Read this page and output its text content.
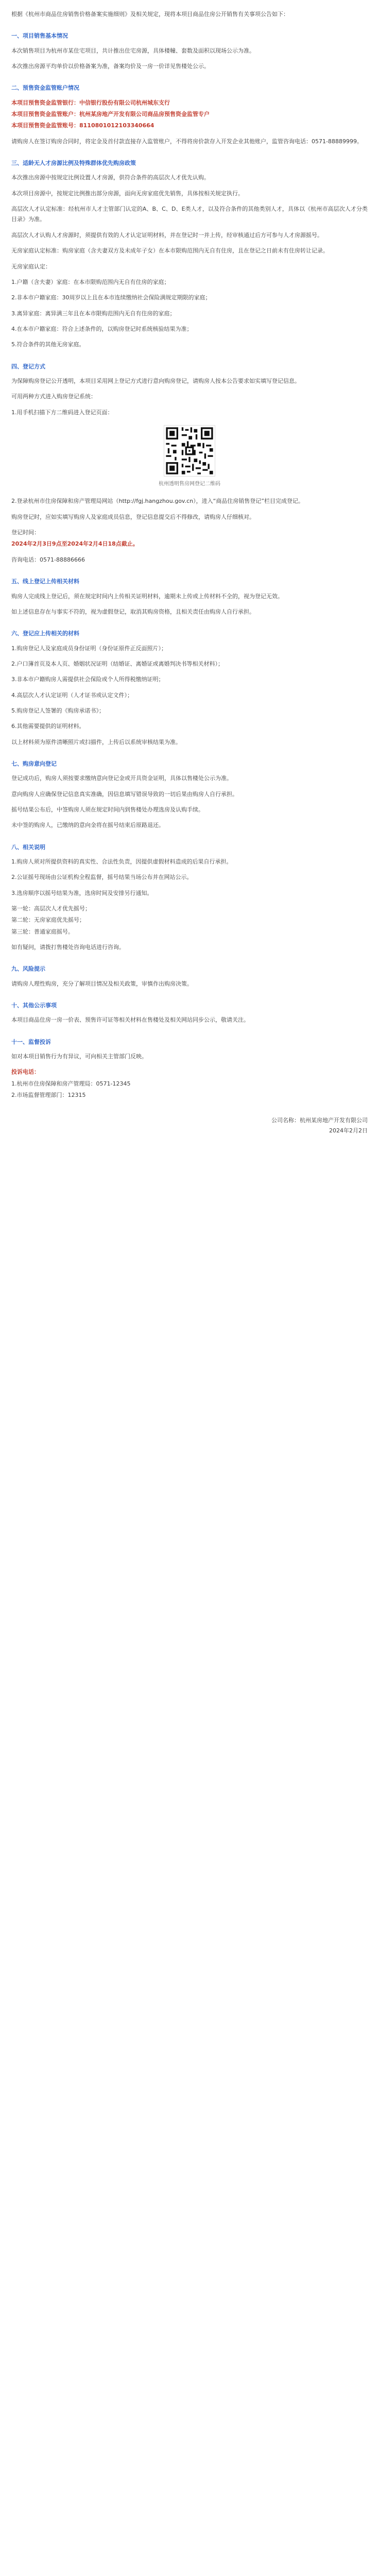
根据《杭州市商品住房销售价格备案实施细则》及相关规定，现将本项目商品住房公开销售有关事项公告如下：

一、项目销售基本情况

本次销售项目为杭州市某住宅项目，共计推出住宅房源，具体楼幢、套数及面积以现场公示为准。

本次推出房源平均单价以价格备案为准，备案均价及一房一价详见售楼处公示。

二、预售资金监管账户情况

本项目预售资金监管银行：中信银行股份有限公司杭州城东支行

本项目预售资金监管账户：杭州某房地产开发有限公司商品房预售资金监管专户

本项目预售资金监管账号：8110801012103340664

请购房人在签订购房合同时，将定金及首付款直接存入监管账户，不得将房价款存入开发企业其他账户，监管咨询电话：0571-88889999。

三、适龄无人才房源比例及特殊群体优先购房政策

本次推出房源中按规定比例设置人才房源，供符合条件的高层次人才优先认购。

本次项目房源中，按规定比例推出部分房源，面向无房家庭优先销售，具体按相关规定执行。

高层次人才认定标准：经杭州市人才主管部门认定的A、B、C、D、E类人才，以及符合条件的其他类别人才，具体以《杭州市高层次人才分类目录》为准。

高层次人才认购人才房源时，须提供有效的人才认定证明材料，并在登记时一并上传，经审核通过后方可参与人才房源摇号。

无房家庭认定标准：购房家庭（含夫妻双方及未成年子女）在本市限购范围内无自有住房，且在登记之日前未有住房转让记录。

无房家庭认定：

1.户籍（含夫妻）家庭：在本市限购范围内无自有住房的家庭；

2.非本市户籍家庭：30周岁以上且在本市连续缴纳社会保险满规定期限的家庭；

3.离异家庭：离异满三年且在本市限购范围内无自有住房的家庭；

4.在本市户籍家庭：符合上述条件的，以购房登记时系统核验结果为准；

5.符合条件的其他无房家庭。

四、登记方式

为保障购房登记公开透明，本项目采用网上登记方式进行意向购房登记，请购房人按本公告要求如实填写登记信息。

可用两种方式进入购房登记系统：

1.用手机扫描下方二维码进入登记页面：

杭州透明售房网登记二维码

2.登录杭州市住房保障和房产管理局网站（http://fgj.hangzhou.gov.cn），进入“商品住房销售登记”栏目完成登记。

购房登记时，应如实填写购房人及家庭成员信息，登记信息提交后不得修改，请购房人仔细核对。

登记时间：

2024年2月3日9点至2024年2月4日18点截止。

咨询电话：0571-88886666

五、线上登记上传相关材料

购房人完成线上登记后，须在规定时间内上传相关证明材料，逾期未上传或上传材料不全的，视为登记无效。

如上述信息存在与事实不符的，视为虚假登记，取消其购房资格，且相关责任由购房人自行承担。

六、登记应上传相关的材料

1.购房登记人及家庭成员身份证明（身份证原件正反面照片）；

2.户口簿首页及本人页、婚姻状况证明（结婚证、离婚证或离婚判决书等相关材料）；

3.非本市户籍购房人需提供社会保险或个人所得税缴纳证明；

4.高层次人才认定证明（人才证书或认定文件）；

5.购房登记人签署的《购房承诺书》；

6.其他需要提供的证明材料。

以上材料须为原件清晰照片或扫描件，上传后以系统审核结果为准。

七、购房意向登记

登记成功后，购房人须按要求缴纳意向登记金或开具资金证明，具体以售楼处公示为准。

意向购房人应确保登记信息真实准确，因信息填写错误导致的一切后果由购房人自行承担。

摇号结果公布后，中签购房人须在规定时间内到售楼处办理选房及认购手续。

未中签的购房人，已缴纳的意向金将在摇号结束后原路退还。

八、相关说明

1.购房人须对所提供资料的真实性、合法性负责，因提供虚假材料造成的后果自行承担。

2.公证摇号现场由公证机构全程监督，摇号结果当场公布并在网站公示。

3.选房顺序以摇号结果为准，选房时间及安排另行通知。

第一轮：高层次人才优先摇号；

第二轮：无房家庭优先摇号；

第三轮：普通家庭摇号。

如有疑问，请拨打售楼处咨询电话进行咨询。

九、风险提示

请购房人理性购房，充分了解项目情况及相关政策，审慎作出购房决策。

十、其他公示事项

本项目商品住房一房一价表、预售许可证等相关材料在售楼处及相关网站同步公示，敬请关注。

十一、监督投诉

如对本项目销售行为有异议，可向相关主管部门反映。

投诉电话：

1.杭州市住房保障和房产管理局：0571-12345

2.市场监督管理部门：12315

公司名称：杭州某房地产开发有限公司
2024年2月2日
